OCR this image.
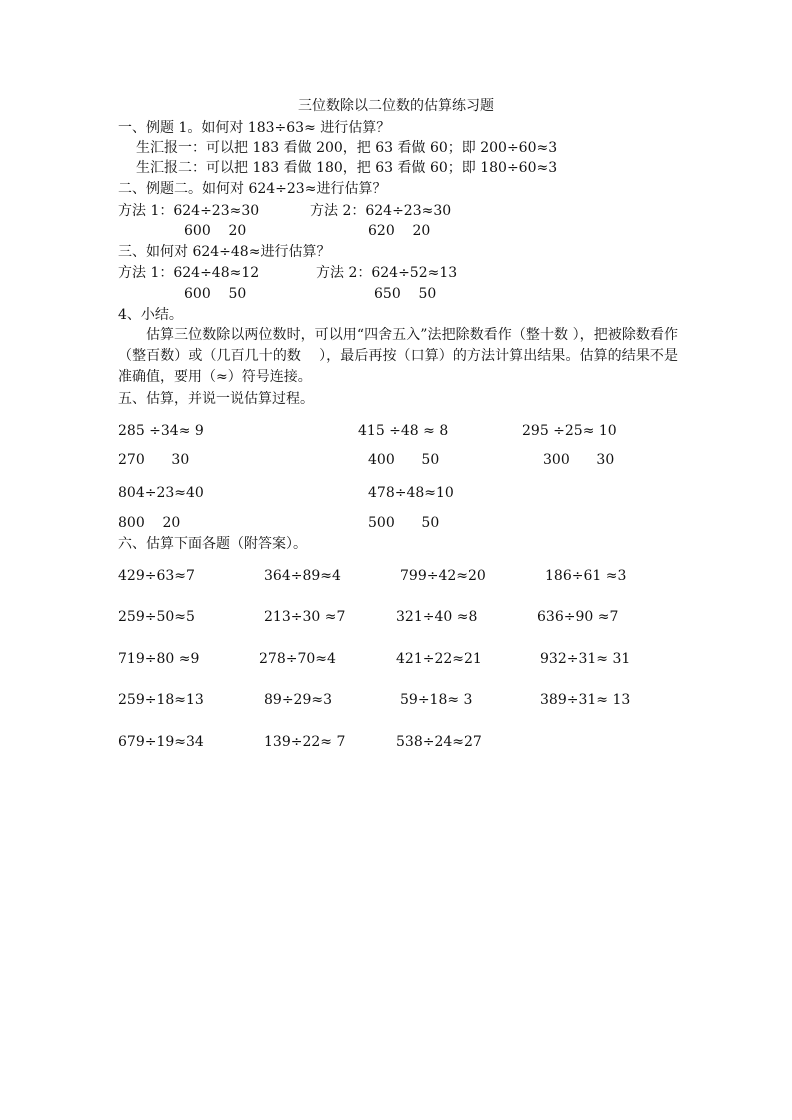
三位数除以二位数的估算练习题
一、例题 1。如何对 183÷63≈ 进行估算？
生汇报一：可以把 183 看做 200，把 63 看做 60；即 200÷60≈3
生汇报二：可以把 183 看做 180，把 63 看做 60；即 180÷60≈3
二、例题二。如何对 624÷23≈进行估算？
方法 1：624÷23≈30	方法 2：624÷23≈30
600    20	620    20
三、如何对 624÷48≈进行估算？
方法 1：624÷48≈12	方法 2：624÷52≈13
600    50	650    50
4、小结。
估算三位数除以两位数时，可以用“四舍五入”法把除数看作（整十数 ），把被除数看作（整百数）或（几百几十的数    ），最后再按（口算）的方法计算出结果。估算的结果不是准确值，要用（≈）符号连接。
五、估算，并说一说估算过程。
285 ÷34≈ 9	415 ÷48 ≈ 8	295 ÷25≈ 10
270      30	400      50	300      30
804÷23≈40	478÷48≈10
800    20	500      50
六、估算下面各题（附答案）。
429÷63≈7	364÷89≈4	799÷42≈20	186÷61 ≈3
259÷50≈5	213÷30 ≈7	321÷40 ≈8	636÷90 ≈7
719÷80 ≈9	278÷70≈4	421÷22≈21	932÷31≈ 31
259÷18≈13	89÷29≈3	59÷18≈ 3	389÷31≈ 13
679÷19≈34	139÷22≈ 7	538÷24≈27
